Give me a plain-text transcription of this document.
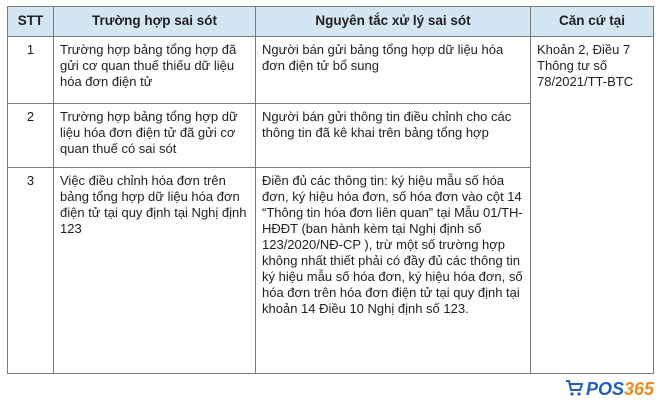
STT	Trường hợp sai sót	Nguyên tắc xử lý sai sót	Căn cứ tại
1	Trường hợp bảng tổng hợp đã gửi cơ quan thuế thiếu dữ liệu hóa đơn điện tử	Người bán gửi bảng tổng hợp dữ liệu hóa đơn điện tử bổ sung	Khoản 2, Điều 7 Thông tư số 78/2021/TT-BTC
2	Trường hợp bảng tổng hợp dữ liệu hóa đơn điện tử đã gửi cơ quan thuế có sai sót	Người bán gửi thông tin điều chỉnh cho các thông tin đã kê khai trên bảng tổng hợp	
3	Việc điều chỉnh hóa đơn trên bảng tổng hợp dữ liệu hóa đơn điện tử tại quy định tại Nghị định 123	Điền đủ các thông tin: ký hiệu mẫu số hóa đơn, ký hiệu hóa đơn, số hóa đơn vào cột 14 “Thông tin hóa đơn liên quan” tại Mẫu 01/TH-HĐĐT (ban hành kèm tại Nghị định số 123/2020/NĐ-CP ), trừ một số trường hợp không nhất thiết phải có đầy đủ các thông tin ký hiệu mẫu số hóa đơn, ký hiệu hóa đơn, số hóa đơn trên hóa đơn điện tử tại quy định tại khoản 14 Điều 10 Nghị định số 123.	
POS 365
